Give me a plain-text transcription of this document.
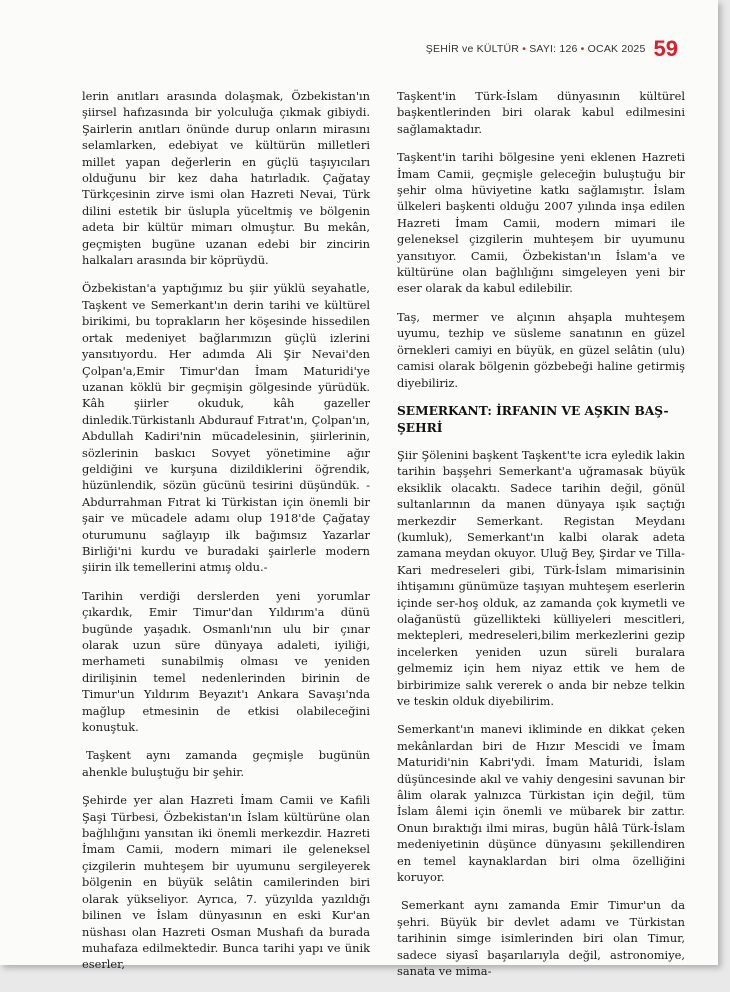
ŞEHİR ve KÜLTÜR • SAYI: 126 • OCAK 2025 59

lerin anıtları arasında dolaşmak, Özbekistan'ın şiirsel hafızasında bir yolculuğa çıkmak gibiydi. Şairlerin anıtları önünde durup onların mirasını selamlarken, edebiyat ve kültürün milletleri millet yapan değerlerin en güçlü taşıyıcıları olduğunu bir kez daha hatırladık. Çağatay Türkçesinin zirve ismi olan Hazreti Nevai, Türk dilini estetik bir üslupla yüceltmiş ve bölgenin adeta bir kültür mimarı olmuştur. Bu mekân, geçmişten bugüne uzanan edebi bir zincirin halkaları arasında bir köprüydü.

Özbekistan'a yaptığımız bu şiir yüklü seyahatle, Taşkent ve Semerkant'ın derin tarihi ve kültürel birikimi, bu toprakların her köşesinde hissedilen ortak medeniyet bağlarımızın güçlü izlerini yansıtıyordu. Her adımda Ali Şir Nevai'den Çolpan'a,Emir Timur'dan İmam Maturidi'ye uzanan köklü bir geçmişin gölgesinde yürüdük. Kâh şiirler okuduk, kâh gazeller dinledik.Türkistanlı Abdurauf Fıtrat'ın, Çolpan'ın, Abdullah Kadiri'nin mücadelesinin, şiirlerinin, sözlerinin baskıcı Sovyet yönetimine ağır geldiğini ve kurşuna dizildiklerini öğrendik, hüzünlendik, sözün gücünü tesirini düşündük. -Abdurrahman Fıtrat ki Türkistan için önemli bir şair ve mücadele adamı olup 1918'de Çağatay oturumunu sağlayıp ilk bağımsız Yazarlar Birliği'ni kurdu ve buradaki şairlerle modern şiirin ilk temellerini atmış oldu.-

Tarihin verdiği derslerden yeni yorumlar çıkardık, Emir Timur'dan Yıldırım'a dünü bugünde yaşadık. Osmanlı'nın ulu bir çınar olarak uzun süre dünyaya adaleti, iyiliği, merhameti sunabilmiş olması ve yeniden dirilişinin temel nedenlerinden birinin de Timur'un Yıldırım Beyazıt'ı Ankara Savaşı'nda mağlup etmesinin de etkisi olabileceğini konuştuk.

Taşkent aynı zamanda geçmişle bugünün ahenkle buluştuğu bir şehir.

Şehirde yer alan Hazreti İmam Camii ve Kafili Şaşi Türbesi, Özbekistan'ın İslam kültürüne olan bağlılığını yansıtan iki önemli merkezdir. Hazreti İmam Camii, modern mimari ile geleneksel çizgilerin muhteşem bir uyumunu sergileyerek bölgenin en büyük selâtin camilerinden biri olarak yükseliyor. Ayrıca, 7. yüzyılda yazıldığı bilinen ve İslam dünyasının en eski Kur'an nüshası olan Hazreti Osman Mushafı da burada muhafaza edilmektedir. Bunca tarihi yapı ve ünik eserler,

Taşkent'in Türk-İslam dünyasının kültürel başkentlerinden biri olarak kabul edilmesini sağlamaktadır.

Taşkent'in tarihi bölgesine yeni eklenen Hazreti İmam Camii, geçmişle geleceğin buluştuğu bir şehir olma hüviyetine katkı sağlamıştır. İslam ülkeleri başkenti olduğu 2007 yılında inşa edilen Hazreti İmam Camii, modern mimari ile geleneksel çizgilerin muhteşem bir uyumunu yansıtıyor. Camii, Özbekistan'ın İslam'a ve kültürüne olan bağlılığını simgeleyen yeni bir eser olarak da kabul edilebilir.

Taş, mermer ve alçının ahşapla muhteşem uyumu, tezhip ve süsleme sanatının en güzel örnekleri camiyi en büyük, en güzel selâtin (ulu) camisi olarak bölgenin gözbebeği haline getirmiş diyebiliriz.

SEMERKANT: İRFANIN VE AŞKIN BAŞ-
ŞEHRİ

Şiir Şölenini başkent Taşkent'te icra eyledik lakin tarihin başşehri Semerkant'a uğramasak büyük eksiklik olacaktı. Sadece tarihin değil, gönül sultanlarının da manen dünyaya ışık saçtığı merkezdir Semerkant. Registan Meydanı (kumluk), Semerkant'ın kalbi olarak adeta zamana meydan okuyor. Uluğ Bey, Şirdar ve Tilla-Kari medreseleri gibi, Türk-İslam mimarisinin ihtişamını günümüze taşıyan muhteşem eserlerin içinde ser-hoş olduk, az zamanda çok kıymetli ve olağanüstü güzellikteki külliyeleri mescitleri, mektepleri, medreseleri,bilim merkezlerini gezip incelerken yeniden uzun süreli buralara gelmemiz için hem niyaz ettik ve hem de birbirimize salık vererek o anda bir nebze telkin ve teskin olduk diyebilirim.

Semerkant'ın manevi ikliminde en dikkat çeken mekânlardan biri de Hızır Mescidi ve İmam Maturidi'nin Kabri'ydi. İmam Maturidi, İslam düşüncesinde akıl ve vahiy dengesini savunan bir âlim olarak yalnızca Türkistan için değil, tüm İslam âlemi için önemli ve mübarek bir zattır. Onun bıraktığı ilmi miras, bugün hâlâ Türk-İslam medeniyetinin düşünce dünyasını şekillendiren en temel kaynaklardan biri olma özelliğini koruyor.

Semerkant aynı zamanda Emir Timur'un da şehri. Büyük bir devlet adamı ve Türkistan tarihinin simge isimlerinden biri olan Timur, sadece siyasî başarılarıyla değil, astronomiye, sanata ve mima-
